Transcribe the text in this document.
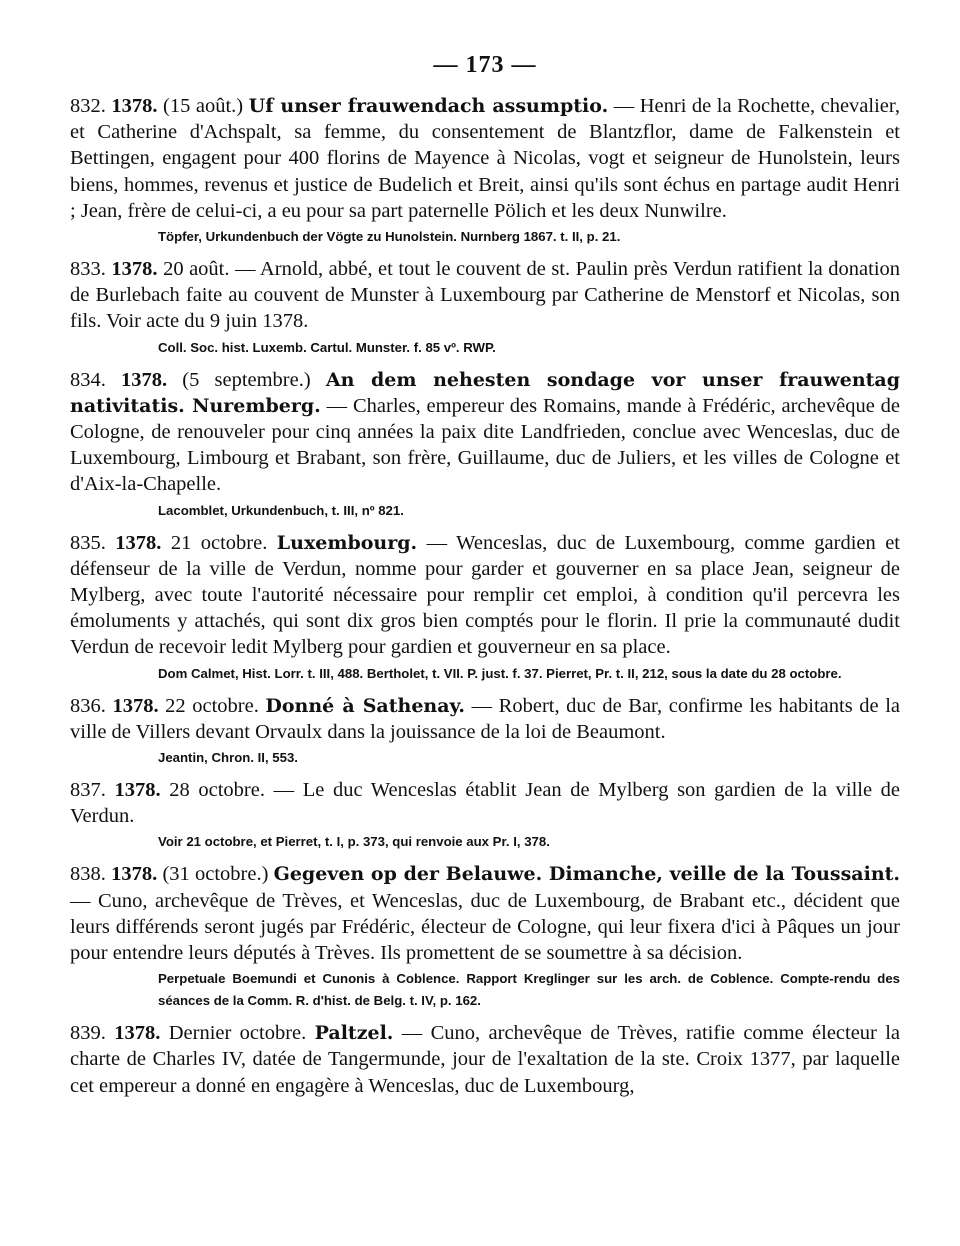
— 173 —

832. 1378. (15 août.) Uf unser frauwendach assumptio. — Henri de la Rochette, chevalier, et Catherine d'Achspalt, sa femme, du consentement de Blantzflor, dame de Falkenstein et Bettingen, engagent pour 400 florins de Mayence à Nicolas, vogt et seigneur de Hunolstein, leurs biens, hommes, revenus et justice de Budelich et Breit, ainsi qu'ils sont échus en partage audit Henri ; Jean, frère de celui-ci, a eu pour sa part paternelle Pölich et les deux Nunwilre.

Töpfer, Urkundenbuch der Vögte zu Hunolstein. Nurnberg 1867. t. II, p. 21.

833. 1378. 20 août. — Arnold, abbé, et tout le couvent de st. Paulin près Verdun ratifient la donation de Burlebach faite au couvent de Munster à Luxembourg par Catherine de Menstorf et Nicolas, son fils. Voir acte du 9 juin 1378.

Coll. Soc. hist. Luxemb. Cartul. Munster. f. 85 vº. RWP.

834. 1378. (5 septembre.) An dem nehesten sondage vor unser frauwentag nativitatis. Nuremberg. — Charles, empereur des Romains, mande à Frédéric, archevêque de Cologne, de renouveler pour cinq années la paix dite Landfrieden, conclue avec Wenceslas, duc de Luxembourg, Limbourg et Brabant, son frère, Guillaume, duc de Juliers, et les villes de Cologne et d'Aix-la-Chapelle.

Lacomblet, Urkundenbuch, t. III, nº 821.

835. 1378. 21 octobre. Luxembourg. — Wenceslas, duc de Luxembourg, comme gardien et défenseur de la ville de Verdun, nomme pour garder et gouverner en sa place Jean, seigneur de Mylberg, avec toute l'autorité nécessaire pour remplir cet emploi, à condition qu'il percevra les émoluments y attachés, qui sont dix gros bien comptés pour le florin. Il prie la communauté dudit Verdun de recevoir ledit Mylberg pour gardien et gouverneur en sa place.

Dom Calmet, Hist. Lorr. t. III, 488. Bertholet, t. VII. P. just. f. 37. Pierret, Pr. t. II, 212, sous la date du 28 octobre.

836. 1378. 22 octobre. Donné à Sathenay. — Robert, duc de Bar, confirme les habitants de la ville de Villers devant Orvaulx dans la jouissance de la loi de Beaumont.

Jeantin, Chron. II, 553.

837. 1378. 28 octobre. — Le duc Wenceslas établit Jean de Mylberg son gardien de la ville de Verdun.

Voir 21 octobre, et Pierret, t. I, p. 373, qui renvoie aux Pr. I, 378.

838. 1378. (31 octobre.) Gegeven op der Belauwe. Dimanche, veille de la Toussaint. — Cuno, archevêque de Trèves, et Wenceslas, duc de Luxembourg, de Brabant etc., décident que leurs différends seront jugés par Frédéric, électeur de Cologne, qui leur fixera d'ici à Pâques un jour pour entendre leurs députés à Trèves. Ils promettent de se soumettre à sa décision.

Perpetuale Boemundi et Cunonis à Coblence. Rapport Kreglinger sur les arch. de Coblence. Compte-rendu des séances de la Comm. R. d'hist. de Belg. t. IV, p. 162.

839. 1378. Dernier octobre. Paltzel. — Cuno, archevêque de Trèves, ratifie comme électeur la charte de Charles IV, datée de Tangermunde, jour de l'exaltation de la ste. Croix 1377, par laquelle cet empereur a donné en engagère à Wenceslas, duc de Luxembourg,
